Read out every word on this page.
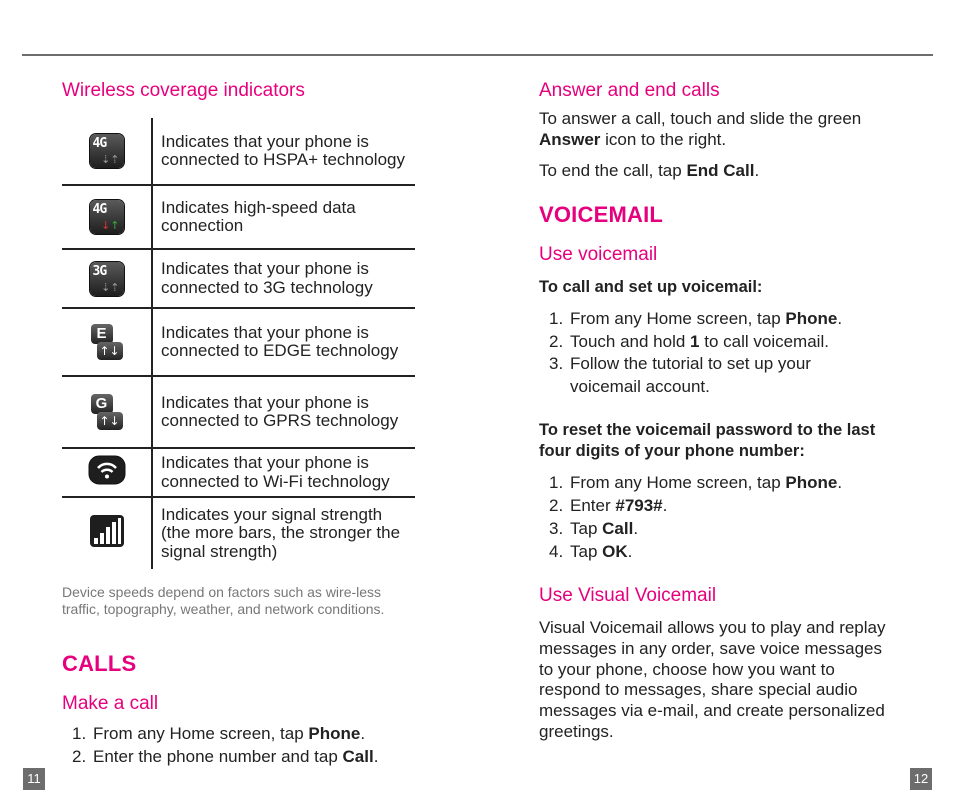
Wireless coverage indicators
4G
⇣⇡	Indicates that your phone is connected to HSPA+ technology

4G
↓↑	Indicates high-speed data connection

3G
⇣⇡	Indicates that your phone is connected to 3G technology

E
↑↓	Indicates that your phone is connected to EDGE technology

G
↑↓	Indicates that your phone is connected to GPRS technology
	Indicates that your phone is connected to Wi-Fi technology
	Indicates your signal strength (the more bars, the stronger the signal strength)
Device speeds depend on factors such as wire-less traffic, topography, weather, and network conditions.
CALLS
Make a call
1. From any Home screen, tap Phone.
2. Enter the phone number and tap Call.
11
Answer and end calls
To answer a call, touch and slide the green Answer icon to the right.
To end the call, tap End Call.
VOICEMAIL
Use voicemail
To call and set up voicemail:
1. From any Home screen, tap Phone.
2. Touch and hold 1 to call voicemail.
3. Follow the tutorial to set up your voicemail account.
To reset the voicemail password to the last four digits of your phone number:
1. From any Home screen, tap Phone.
2. Enter #793#.
3. Tap Call.
4. Tap OK.
Use Visual Voicemail
Visual Voicemail allows you to play and replay messages in any order, save voice messages to your phone, choose how you want to respond to messages, share special audio messages via e-mail, and create personalized greetings.
12
